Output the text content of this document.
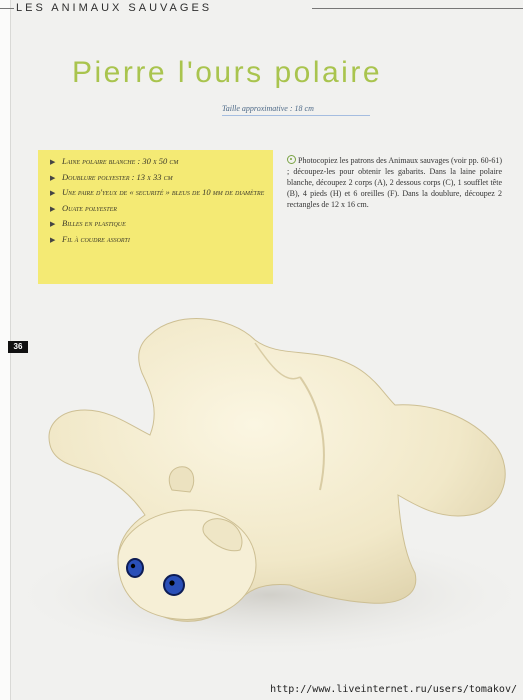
LES ANIMAUX SAUVAGES
Pierre l'ours polaire
Taille approximative : 18 cm
▶ Laine polaire blanche : 30 x 50 cm
▶ Doublure polyester : 13 x 33 cm
▶ Une paire d'yeux de « securité » bleus de 10 mm de diamètre
▶ Ouate polyester
▶ Billes en plastique
▶ Fil à coudre assorti
Photocopiez les patrons des Animaux sauvages (voir pp. 60-61) ; découpez-les pour obtenir les gabarits. Dans la laine polaire blanche, découpez 2 corps (A), 2 dessous corps (C), 1 soufflet tête (B), 4 pieds (H) et 6 oreilles (F). Dans la doublure, découpez 2 rectangles de 12 x 16 cm.
36
http://www.liveinternet.ru/users/tomakov/
